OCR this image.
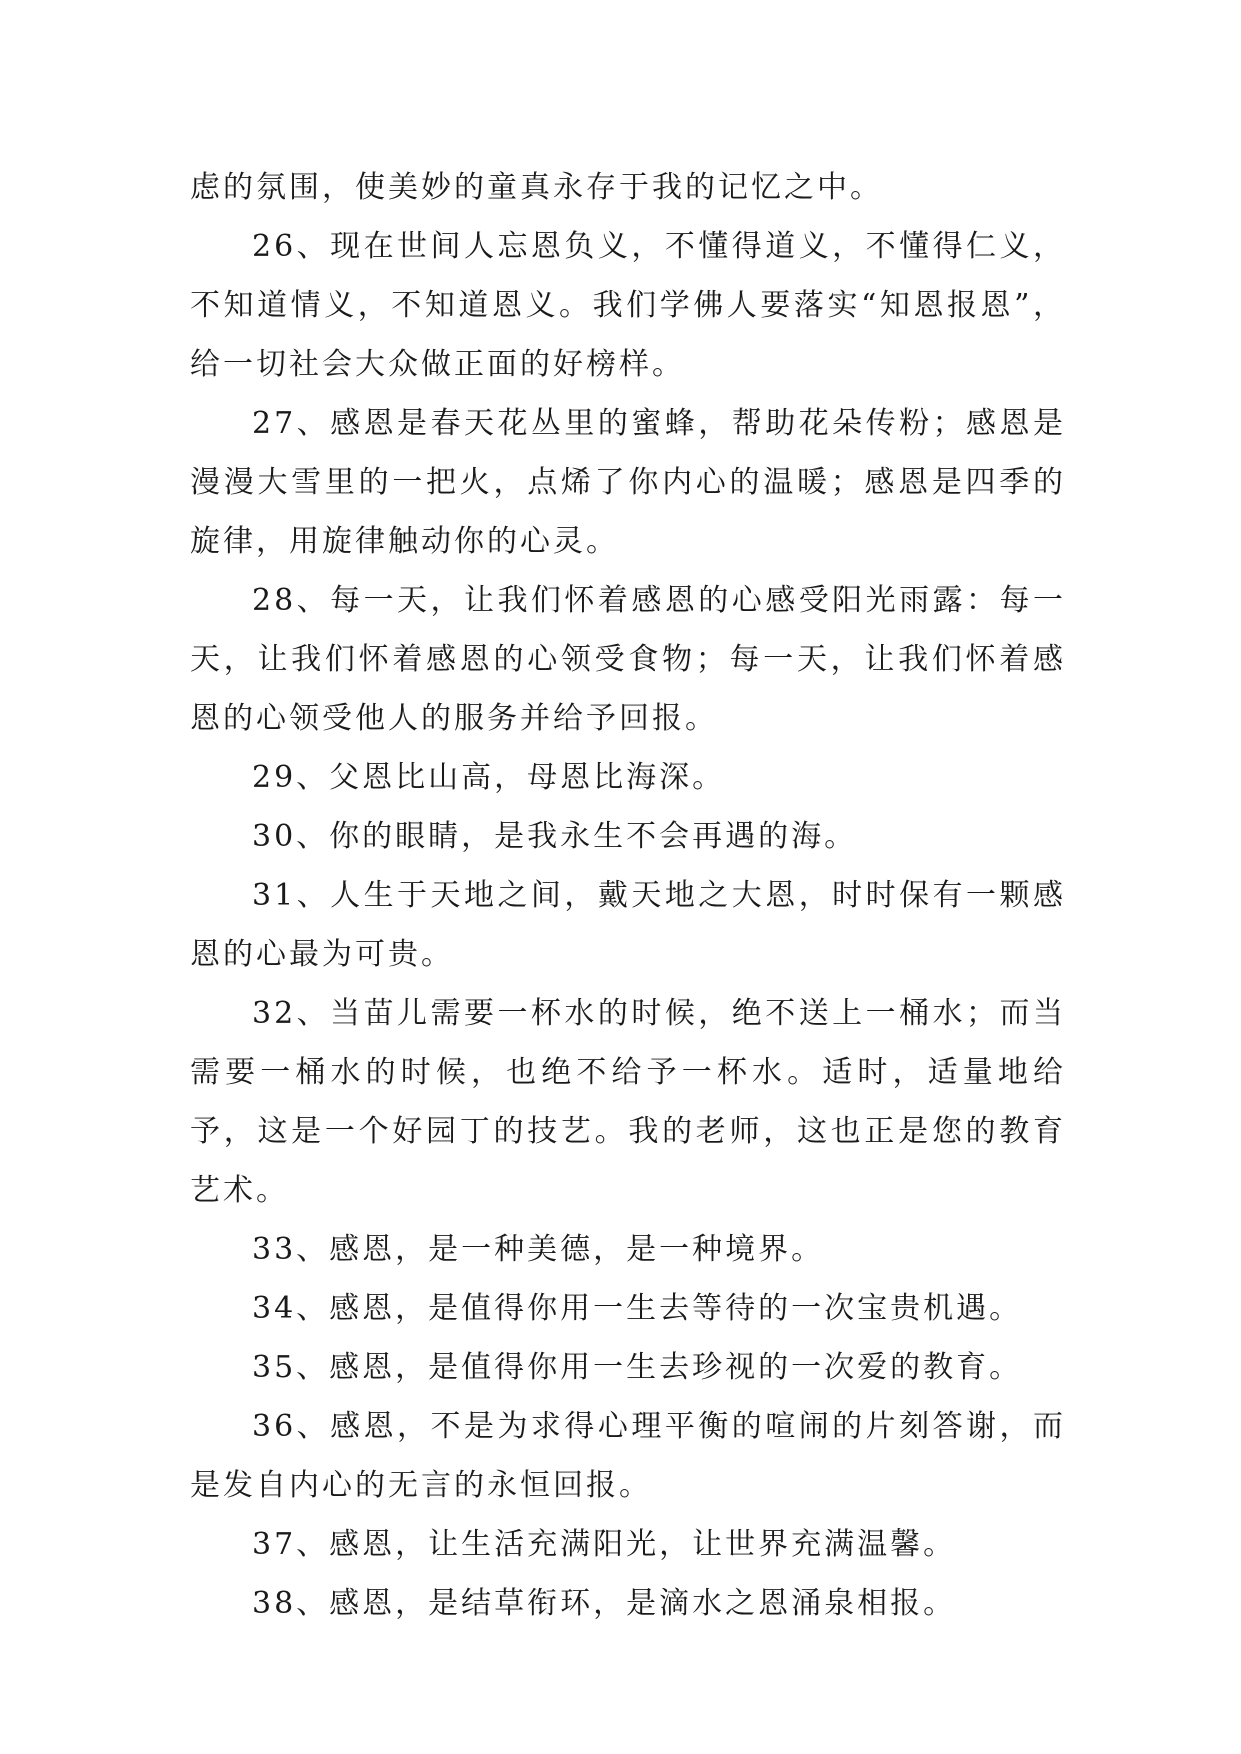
虑的氛围，使美妙的童真永存于我的记忆之中。

26、现在世间人忘恩负义，不懂得道义，不懂得仁义，不知道情义，不知道恩义。我们学佛人要落实“知恩报恩”，给一切社会大众做正面的好榜样。

27、感恩是春天花丛里的蜜蜂，帮助花朵传粉；感恩是漫漫大雪里的一把火，点烯了你内心的温暖；感恩是四季的旋律，用旋律触动你的心灵。

28、每一天，让我们怀着感恩的心感受阳光雨露：每一天，让我们怀着感恩的心领受食物；每一天，让我们怀着感恩的心领受他人的服务并给予回报。

29、父恩比山高，母恩比海深。

30、你的眼睛，是我永生不会再遇的海。

31、人生于天地之间，戴天地之大恩，时时保有一颗感恩的心最为可贵。

32、当苗儿需要一杯水的时候，绝不送上一桶水；而当需要一桶水的时候，也绝不给予一杯水。适时，适量地给予，这是一个好园丁的技艺。我的老师，这也正是您的教育艺术。

33、感恩，是一种美德，是一种境界。

34、感恩，是值得你用一生去等待的一次宝贵机遇。

35、感恩，是值得你用一生去珍视的一次爱的教育。

36、感恩，不是为求得心理平衡的喧闹的片刻答谢，而是发自内心的无言的永恒回报。

37、感恩，让生活充满阳光，让世界充满温馨。

38、感恩，是结草衔环，是滴水之恩涌泉相报。
